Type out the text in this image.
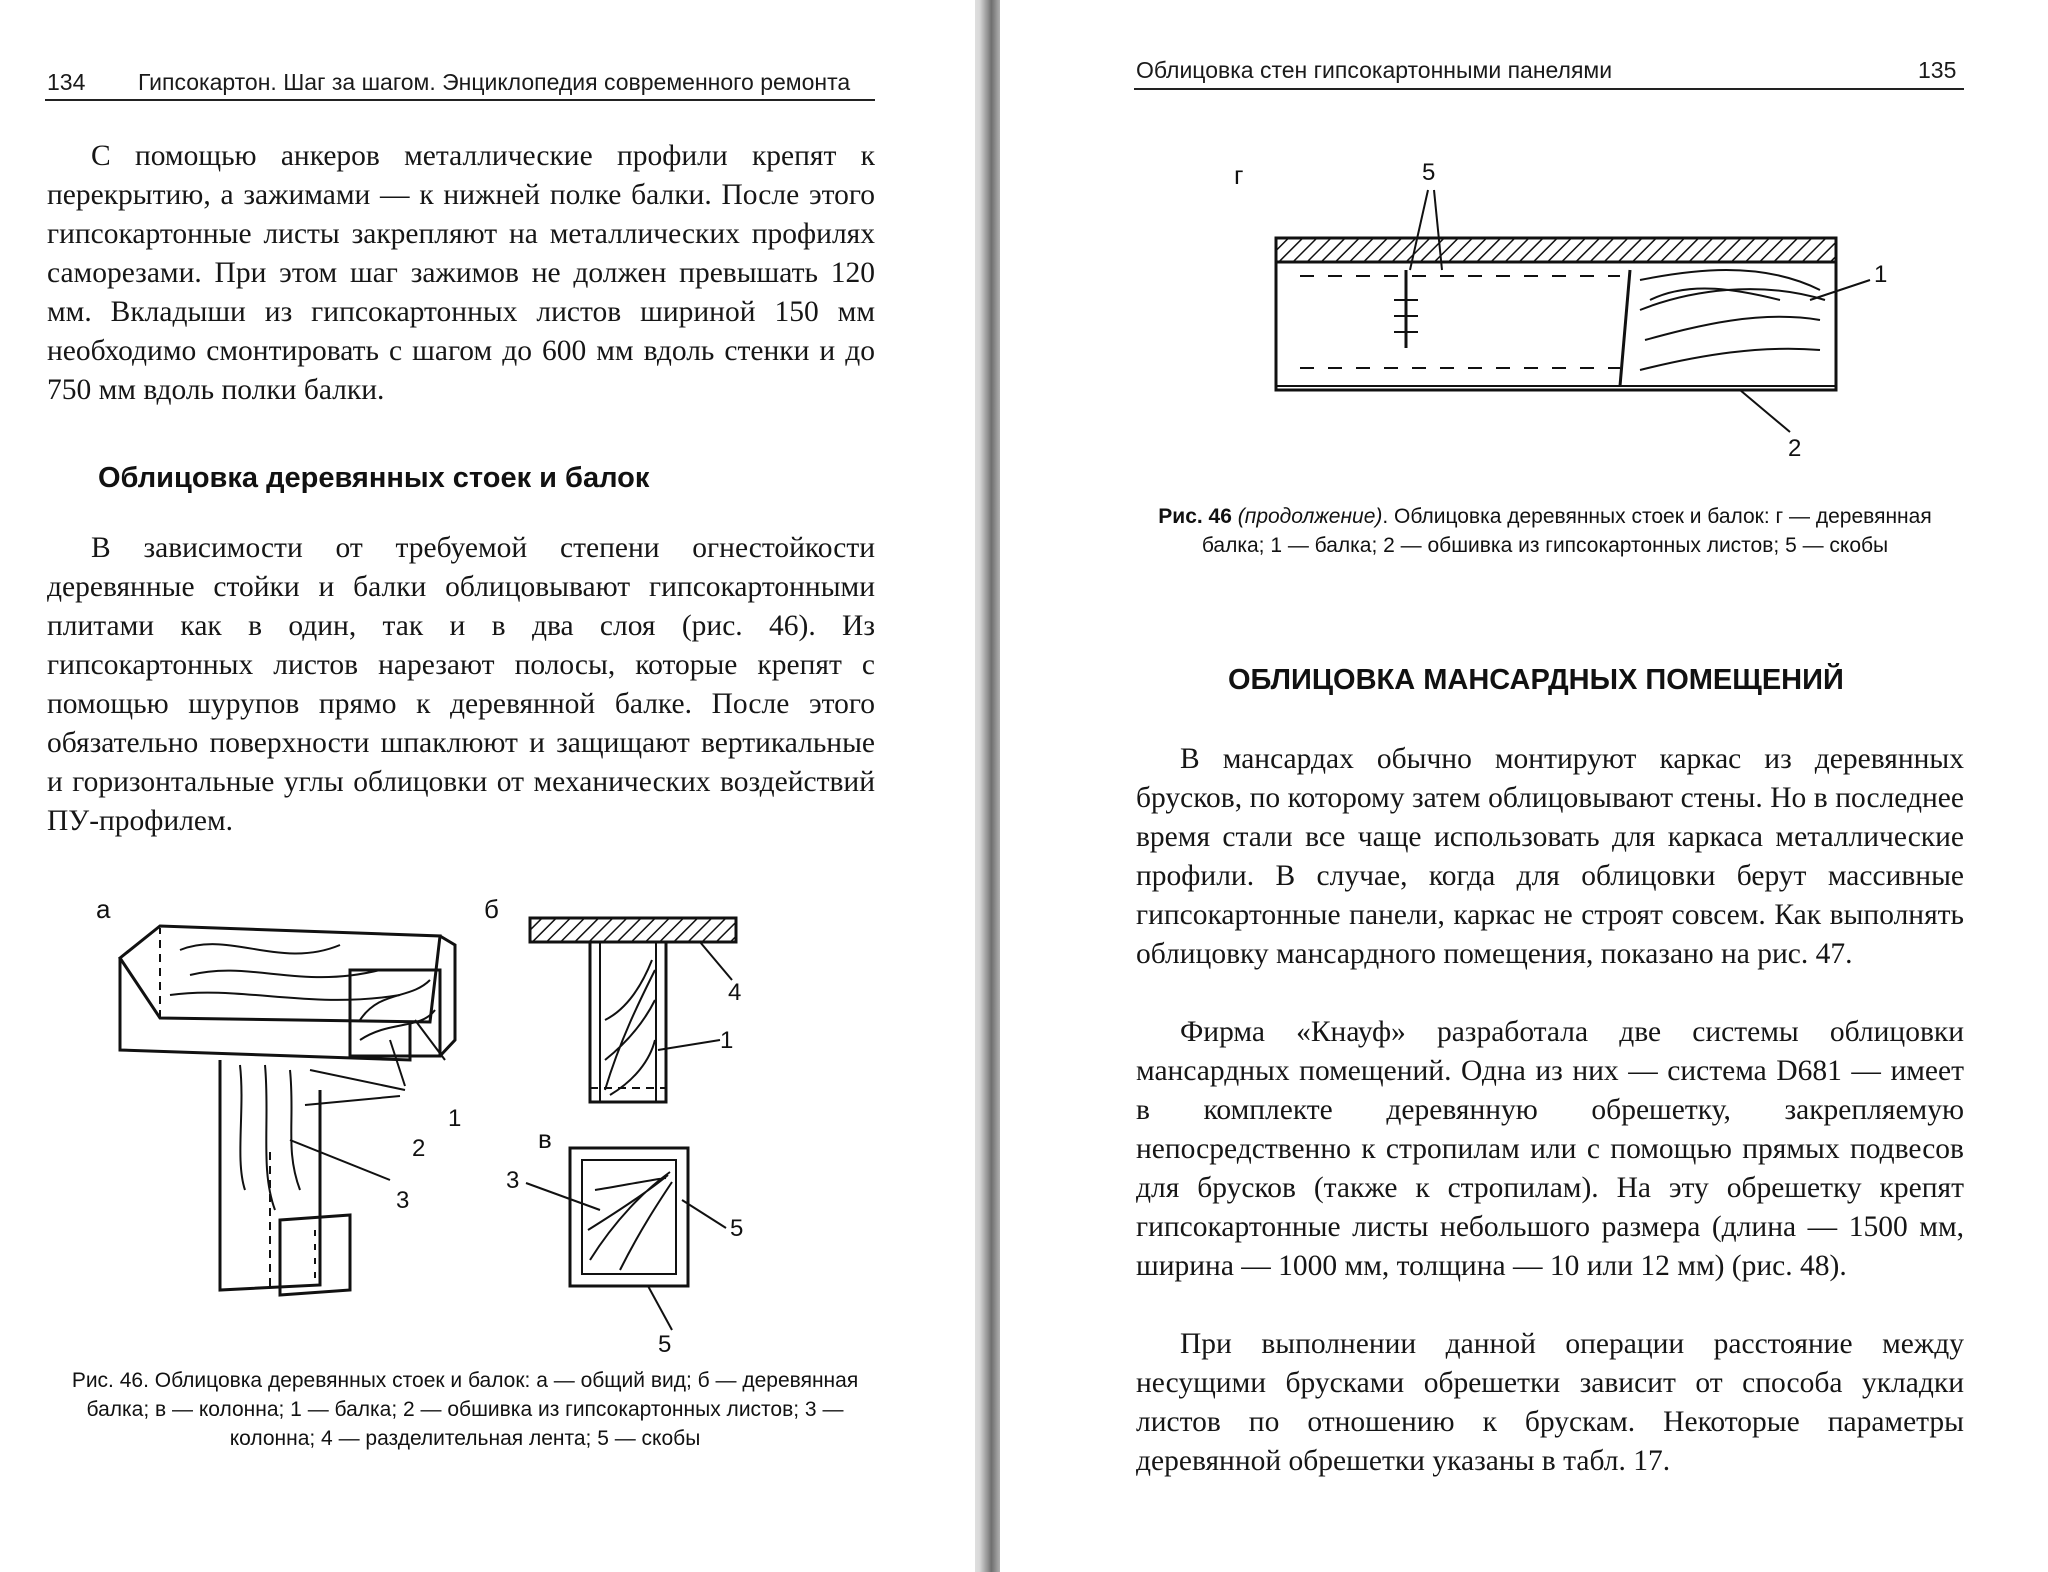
134 Гипсокартон. Шаг за шагом. Энциклопедия современного ремонта
С помощью анкеров металлические профили крепят к перекрытию, а зажимами — к нижней полке балки. После этого гипсокартонные листы закрепляют на металлических профилях саморезами. При этом шаг зажимов не должен превышать 120 мм. Вкладыши из гипсокартонных листов шириной 150 мм необходимо смонтировать с шагом до 600 мм вдоль стенки и до 750 мм вдоль полки балки.
Облицовка деревянных стоек и балок
В зависимости от требуемой степени огнестойкости деревянные стойки и балки облицовывают гипсокартонными плитами как в один, так и в два слоя (рис. 46). Из гипсокартонных листов нарезают полосы, которые крепят с помощью шурупов прямо к деревянной балке. После этого обязательно поверхности шпаклюют и защищают вертикальные и горизонтальные углы облицовки от механических воздействий ПУ-профилем.
а
1
2
3
б
4
1
в
3
5
5
Рис. 46. Облицовка деревянных стоек и балок: а — общий вид; б — деревянная балка; в — колонна; 1 — балка; 2 — обшивка из гипсокартонных листов; 3 — колонна; 4 — разделительная лента; 5 — скобы
Облицовка стен гипсокартонными панелями	135
г	5
1
2
Рис. 46 (продолжение). Облицовка деревянных стоек и балок: г — деревянная балка; 1 — балка; 2 — обшивка из гипсокартонных листов; 5 — скобы
ОБЛИЦОВКА МАНСАРДНЫХ ПОМЕЩЕНИЙ
В мансардах обычно монтируют каркас из деревянных брусков, по которому затем облицовывают стены. Но в последнее время стали все чаще использовать для каркаса металлические профили. В случае, когда для облицовки берут массивные гипсокартонные панели, каркас не строят совсем. Как выполнять облицовку мансардного помещения, показано на рис. 47.
Фирма «Кнауф» разработала две системы облицовки мансардных помещений. Одна из них — система D681 — имеет в комплекте деревянную обрешетку, закрепляемую непосредственно к стропилам или с помощью прямых подвесов для брусков (также к стропилам). На эту обрешетку крепят гипсокартонные листы небольшого размера (длина — 1500 мм, ширина — 1000 мм, толщина — 10 или 12 мм) (рис. 48).
При выполнении данной операции расстояние между несущими брусками обрешетки зависит от способа укладки листов по отношению к брускам. Некоторые параметры деревянной обрешетки указаны в табл. 17.
